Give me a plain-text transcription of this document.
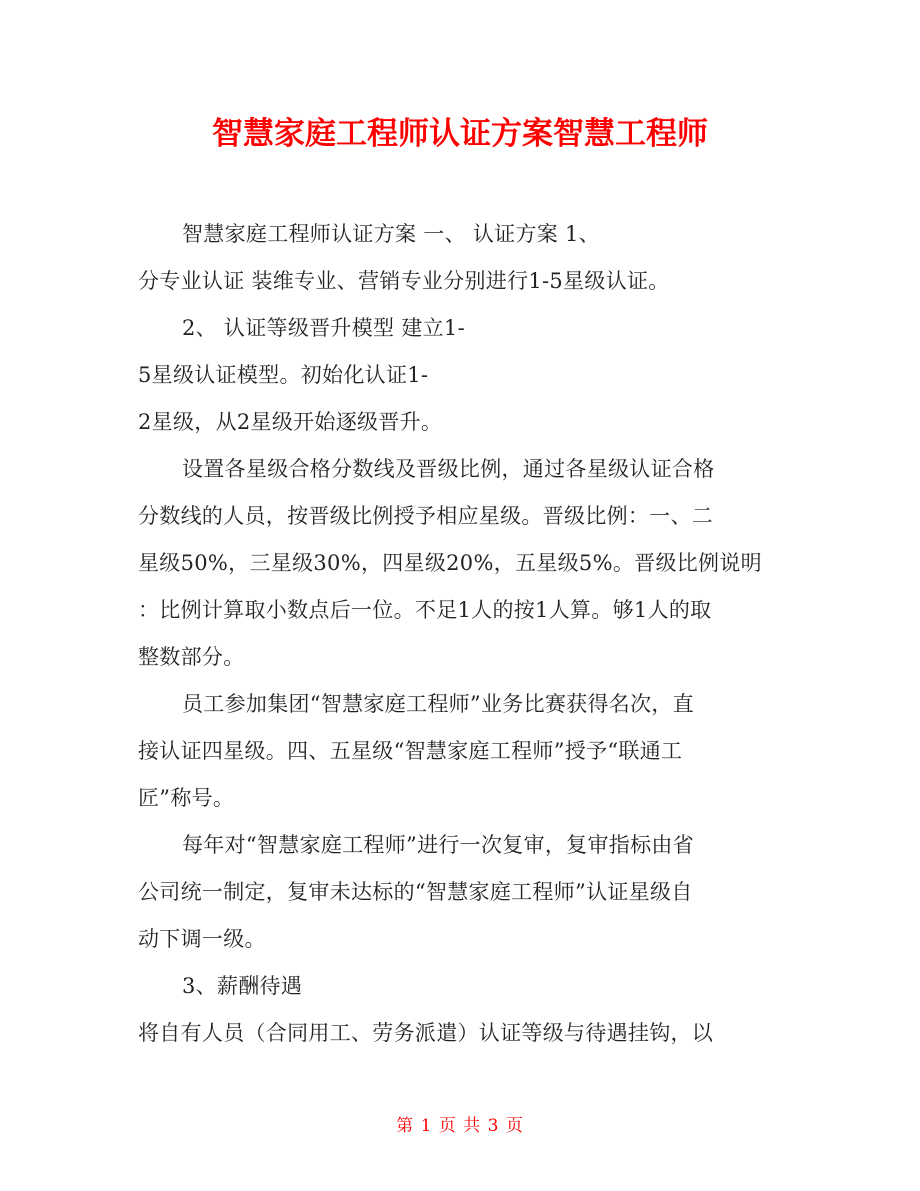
智慧家庭工程师认证方案智慧工程师
智慧家庭工程师认证方案 一、 认证方案 1、
分专业认证 装维专业、营销专业分别进行1-5星级认证。
2、 认证等级晋升模型 建立1-
5星级认证模型。初始化认证1-
2星级，从2星级开始逐级晋升。
设置各星级合格分数线及晋级比例，通过各星级认证合格
分数线的人员，按晋级比例授予相应星级。晋级比例：一、二
星级50%，三星级30%，四星级20%，五星级5%。晋级比例说明
：比例计算取小数点后一位。不足1人的按1人算。够1人的取
整数部分。
员工参加集团“智慧家庭工程师”业务比赛获得名次，直
接认证四星级。四、五星级“智慧家庭工程师”授予“联通工
匠”称号。
每年对“智慧家庭工程师”进行一次复审，复审指标由省
公司统一制定，复审未达标的“智慧家庭工程师”认证星级自
动下调一级。
3、薪酬待遇
将自有人员（合同用工、劳务派遣）认证等级与待遇挂钩，以
第 1 页 共 3 页
